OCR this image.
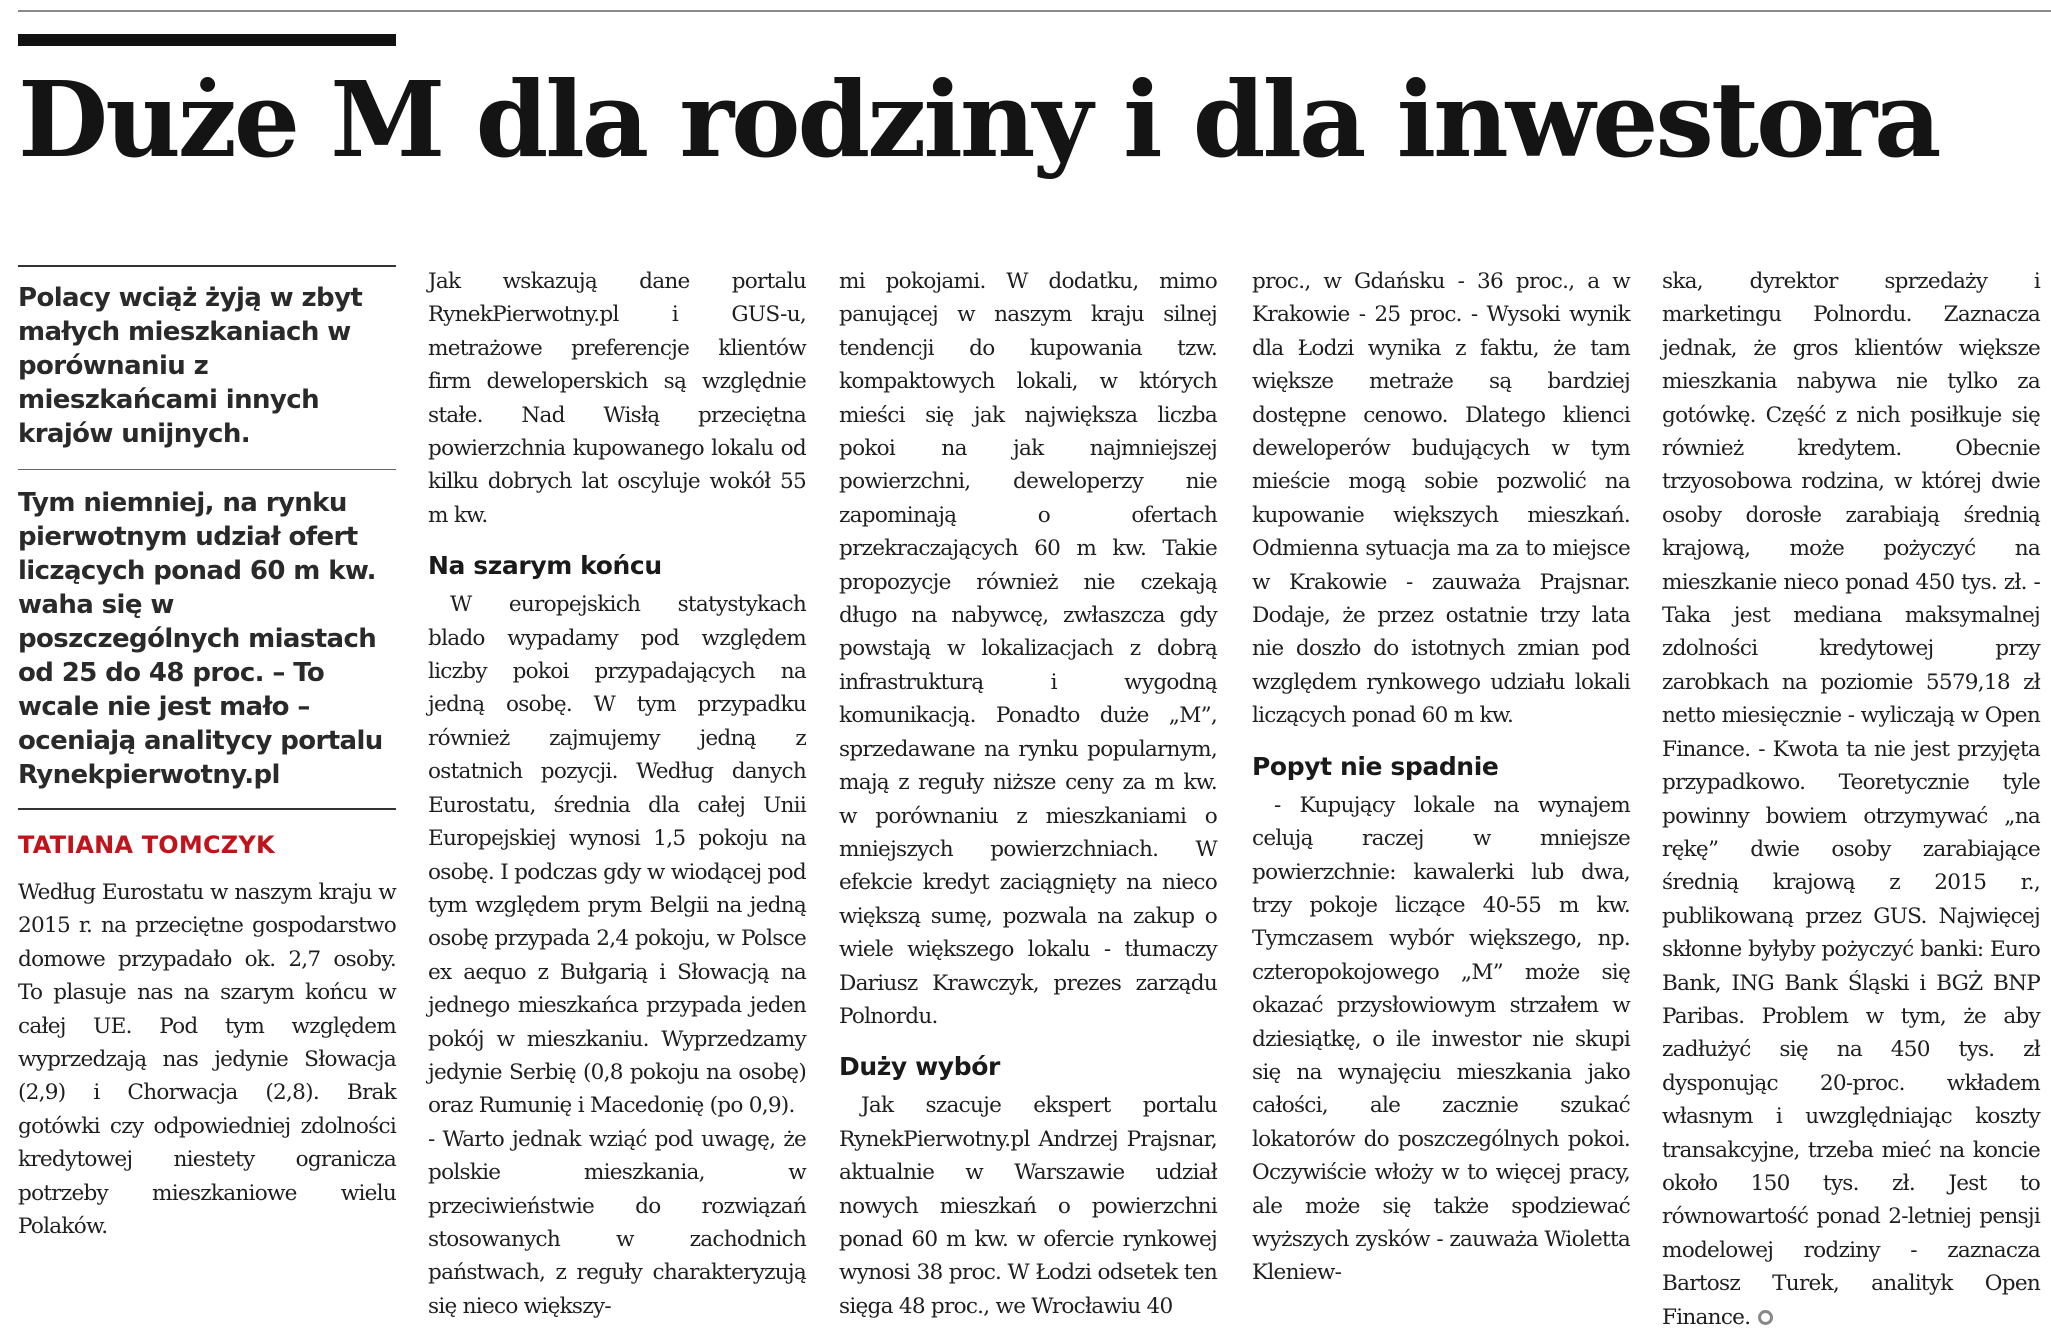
Duże M dla rodziny i dla inwestora

Polacy wciąż żyją w zbyt małych mieszkaniach w porównaniu z mieszkańcami innych krajów unijnych.

Tym niemniej, na rynku pierwotnym udział ofert liczących ponad 60 m kw. waha się w poszczególnych miastach od 25 do 48 proc. – To wcale nie jest mało – oceniają analitycy portalu Rynekpierwotny.pl

TATIANA TOMCZYK

Według Eurostatu w naszym kraju w 2015 r. na przeciętne gospodarstwo domowe przypadało ok. 2,7 osoby. To plasuje nas na szarym końcu w całej UE. Pod tym względem wyprzedzają nas jedynie Słowacja (2,9) i Chorwacja (2,8). Brak gotówki czy odpowiedniej zdolności kredytowej niestety ogranicza potrzeby mieszkaniowe wielu Polaków.

Jak wskazują dane portalu RynekPierwotny.pl i GUS-u, metrażowe preferencje klientów firm deweloperskich są względnie stałe. Nad Wisłą przeciętna powierzchnia kupowanego lokalu od kilku dobrych lat oscyluje wokół 55 m kw.

Na szarym końcu

W europejskich statystykach blado wypadamy pod względem liczby pokoi przypadających na jedną osobę. W tym przypadku również zajmujemy jedną z ostatnich pozycji. Według danych Eurostatu, średnia dla całej Unii Europejskiej wynosi 1,5 pokoju na osobę. I podczas gdy w wiodącej pod tym względem prym Belgii na jedną osobę przypada 2,4 pokoju, w Polsce ex aequo z Bułgarią i Słowacją na jednego mieszkańca przypada jeden pokój w mieszkaniu. Wyprzedzamy jedynie Serbię (0,8 pokoju na osobę) oraz Rumunię i Macedonię (po 0,9).

- Warto jednak wziąć pod uwagę, że polskie mieszkania, w przeciwieństwie do rozwiązań stosowanych w zachodnich państwach, z reguły charakteryzują się nieco większy-

mi pokojami. W dodatku, mimo panującej w naszym kraju silnej tendencji do kupowania tzw. kompaktowych lokali, w których mieści się jak największa liczba pokoi na jak najmniejszej powierzchni, deweloperzy nie zapominają o ofertach przekraczających 60 m kw. Takie propozycje również nie czekają długo na nabywcę, zwłaszcza gdy powstają w lokalizacjach z dobrą infrastrukturą i wygodną komunikacją. Ponadto duże „M”, sprzedawane na rynku popularnym, mają z reguły niższe ceny za m kw. w porównaniu z mieszkaniami o mniejszych powierzchniach. W efekcie kredyt zaciągnięty na nieco większą sumę, pozwala na zakup o wiele większego lokalu - tłumaczy Dariusz Krawczyk, prezes zarządu Polnordu.

Duży wybór

Jak szacuje ekspert portalu RynekPierwotny.pl Andrzej Prajsnar, aktualnie w Warszawie udział nowych mieszkań o powierzchni ponad 60 m kw. w ofercie rynkowej wynosi 38 proc. W Łodzi odsetek ten sięga 48 proc., we Wrocławiu 40

proc., w Gdańsku - 36 proc., a w Krakowie - 25 proc. - Wysoki wynik dla Łodzi wynika z faktu, że tam większe metraże są bardziej dostępne cenowo. Dlatego klienci deweloperów budujących w tym mieście mogą sobie pozwolić na kupowanie większych mieszkań. Odmienna sytuacja ma za to miejsce w Krakowie - zauważa Prajsnar. Dodaje, że przez ostatnie trzy lata nie doszło do istotnych zmian pod względem rynkowego udziału lokali liczących ponad 60 m kw.

Popyt nie spadnie

- Kupujący lokale na wynajem celują raczej w mniejsze powierzchnie: kawalerki lub dwa, trzy pokoje liczące 40-55 m kw. Tymczasem wybór większego, np. czteropokojowego „M” może się okazać przysłowiowym strzałem w dziesiątkę, o ile inwestor nie skupi się na wynajęciu mieszkania jako całości, ale zacznie szukać lokatorów do poszczególnych pokoi. Oczywiście włoży w to więcej pracy, ale może się także spodziewać wyższych zysków - zauważa Wioletta Kleniew-

ska, dyrektor sprzedaży i marketingu Polnordu. Zaznacza jednak, że gros klientów większe mieszkania nabywa nie tylko za gotówkę. Część z nich posiłkuje się również kredytem. Obecnie trzyosobowa rodzina, w której dwie osoby dorosłe zarabiają średnią krajową, może pożyczyć na mieszkanie nieco ponad 450 tys. zł. - Taka jest mediana maksymalnej zdolności kredytowej przy zarobkach na poziomie 5579,18 zł netto miesięcznie - wyliczają w Open Finance. - Kwota ta nie jest przyjęta przypadkowo. Teoretycznie tyle powinny bowiem otrzymywać „na rękę” dwie osoby zarabiające średnią krajową z 2015 r., publikowaną przez GUS. Najwięcej skłonne byłyby pożyczyć banki: Euro Bank, ING Bank Śląski i BGŻ BNP Paribas. Problem w tym, że aby zadłużyć się na 450 tys. zł dysponując 20-proc. wkładem własnym i uwzględniając koszty transakcyjne, trzeba mieć na koncie około 150 tys. zł. Jest to równowartość ponad 2-letniej pensji modelowej rodziny - zaznacza Bartosz Turek, analityk Open Finance.
